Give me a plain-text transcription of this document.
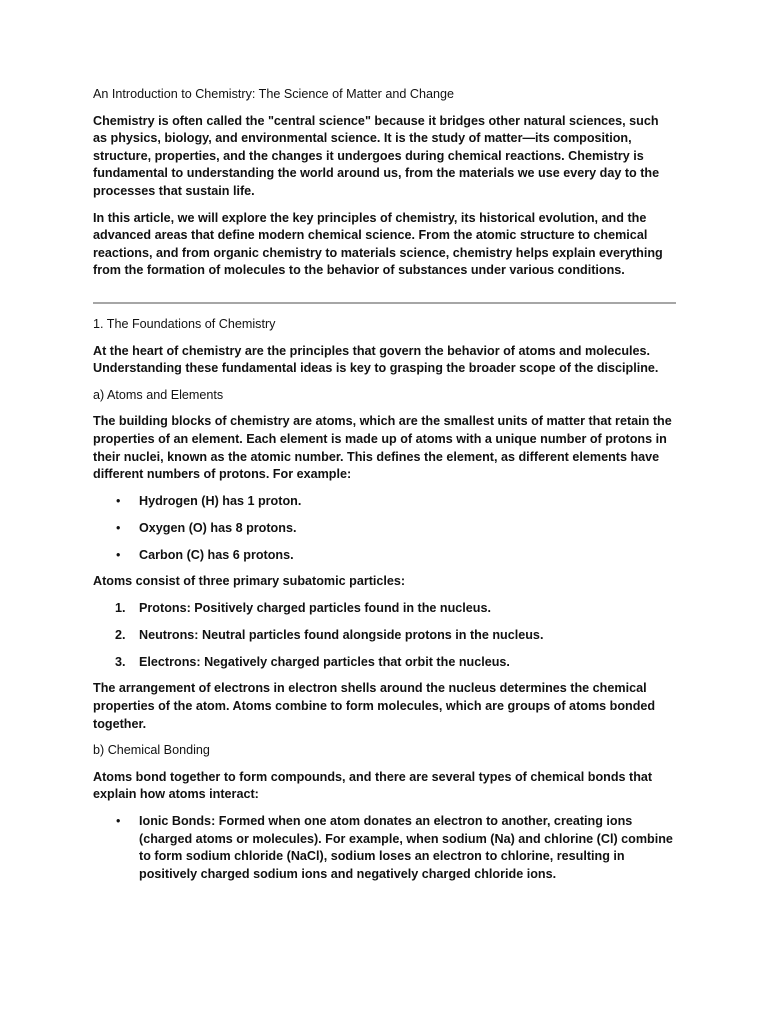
An Introduction to Chemistry: The Science of Matter and Change

Chemistry is often called the "central science" because it bridges other natural sciences, such as physics, biology, and environmental science. It is the study of matter—its composition, structure, properties, and the changes it undergoes during chemical reactions. Chemistry is fundamental to understanding the world around us, from the materials we use every day to the processes that sustain life.

In this article, we will explore the key principles of chemistry, its historical evolution, and the advanced areas that define modern chemical science. From the atomic structure to chemical reactions, and from organic chemistry to materials science, chemistry helps explain everything from the formation of molecules to the behavior of substances under various conditions.

1. The Foundations of Chemistry

At the heart of chemistry are the principles that govern the behavior of atoms and molecules. Understanding these fundamental ideas is key to grasping the broader scope of the discipline.

a) Atoms and Elements

The building blocks of chemistry are atoms, which are the smallest units of matter that retain the properties of an element. Each element is made up of atoms with a unique number of protons in their nuclei, known as the atomic number. This defines the element, as different elements have different numbers of protons. For example:

• Hydrogen (H) has 1 proton.
• Oxygen (O) has 8 protons.
• Carbon (C) has 6 protons.

Atoms consist of three primary subatomic particles:

1. Protons: Positively charged particles found in the nucleus.
2. Neutrons: Neutral particles found alongside protons in the nucleus.
3. Electrons: Negatively charged particles that orbit the nucleus.

The arrangement of electrons in electron shells around the nucleus determines the chemical properties of the atom. Atoms combine to form molecules, which are groups of atoms bonded together.

b) Chemical Bonding

Atoms bond together to form compounds, and there are several types of chemical bonds that explain how atoms interact:

• Ionic Bonds: Formed when one atom donates an electron to another, creating ions (charged atoms or molecules). For example, when sodium (Na) and chlorine (Cl) combine to form sodium chloride (NaCl), sodium loses an electron to chlorine, resulting in positively charged sodium ions and negatively charged chloride ions.
